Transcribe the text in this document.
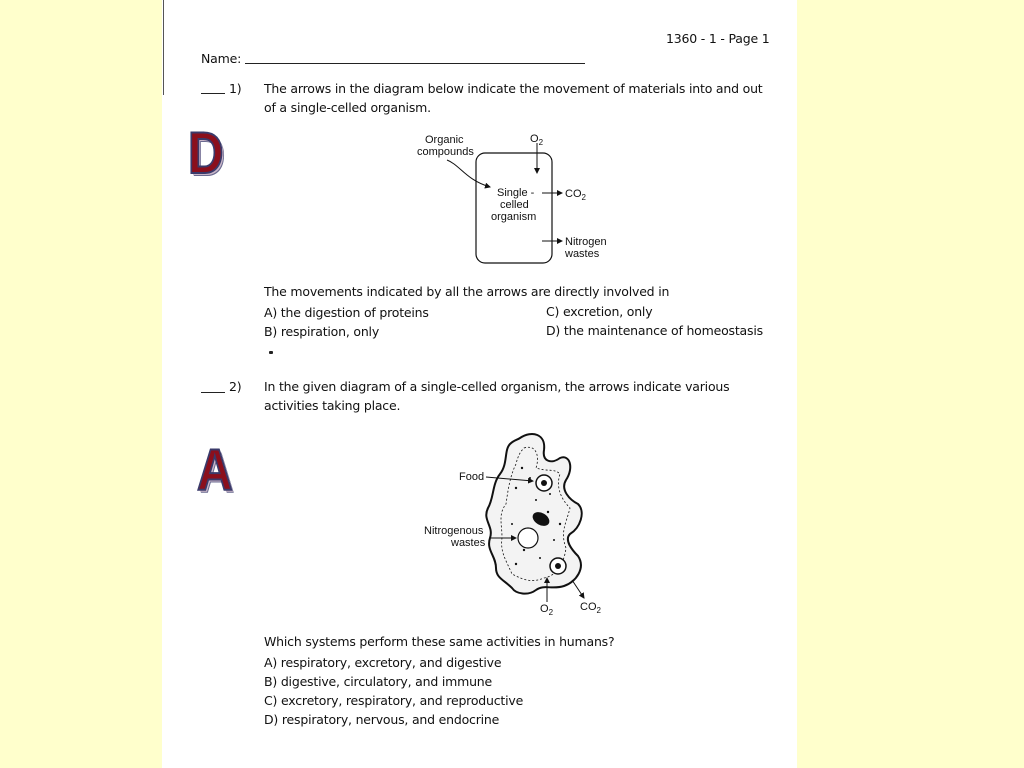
1360 - 1 - Page 1
Name:
1) The arrows in the diagram below indicate the movement of materials into and out of a single-celled organism.
D	Organic
compounds
$O_2$
Single -
celled
organism
$CO_2$
Nitrogen
wastes
The movements indicated by all the arrows are directly involved in
A) the digestion of proteins
B) respiration, only
C) excretion, only
D) the maintenance of homeostasis
2) In the given diagram of a single-celled organism, the arrows indicate various activities taking place.
A	Food
Nitrogenous
wastes
$O_2$ $CO_2$
Which systems perform these same activities in humans?
A) respiratory, excretory, and digestive
B) digestive, circulatory, and immune
C) excretory, respiratory, and reproductive
D) respiratory, nervous, and endocrine
